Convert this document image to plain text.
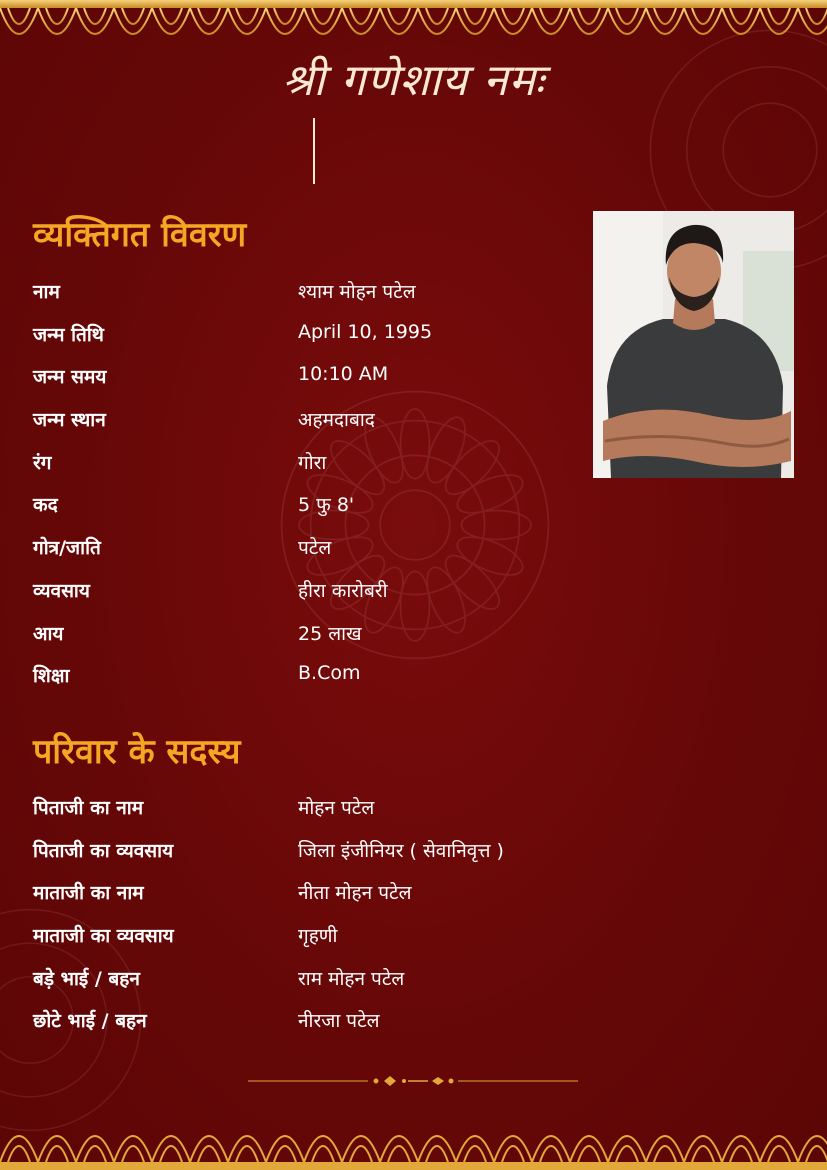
श्री गणेशाय नमः
व्यक्तिगत विवरण
नाम	श्याम मोहन पटेल
जन्म तिथि	April 10, 1995
जन्म समय	10:10 AM
जन्म स्थान	अहमदाबाद
रंग	गोरा
कद	5 फु 8'
गोत्र/जाति	पटेल
व्यवसाय	हीरा कारोबरी
आय	25 लाख
शिक्षा	B.Com
परिवार के सदस्य
पिताजी का नाम	मोहन पटेल
पिताजी का व्यवसाय	जिला इंजीनियर ( सेवानिवृत्त )
माताजी का नाम	नीता मोहन पटेल
माताजी का व्यवसाय	गृहणी
बड़े भाई / बहन	राम मोहन पटेल
छोटे भाई / बहन	नीरजा पटेल
